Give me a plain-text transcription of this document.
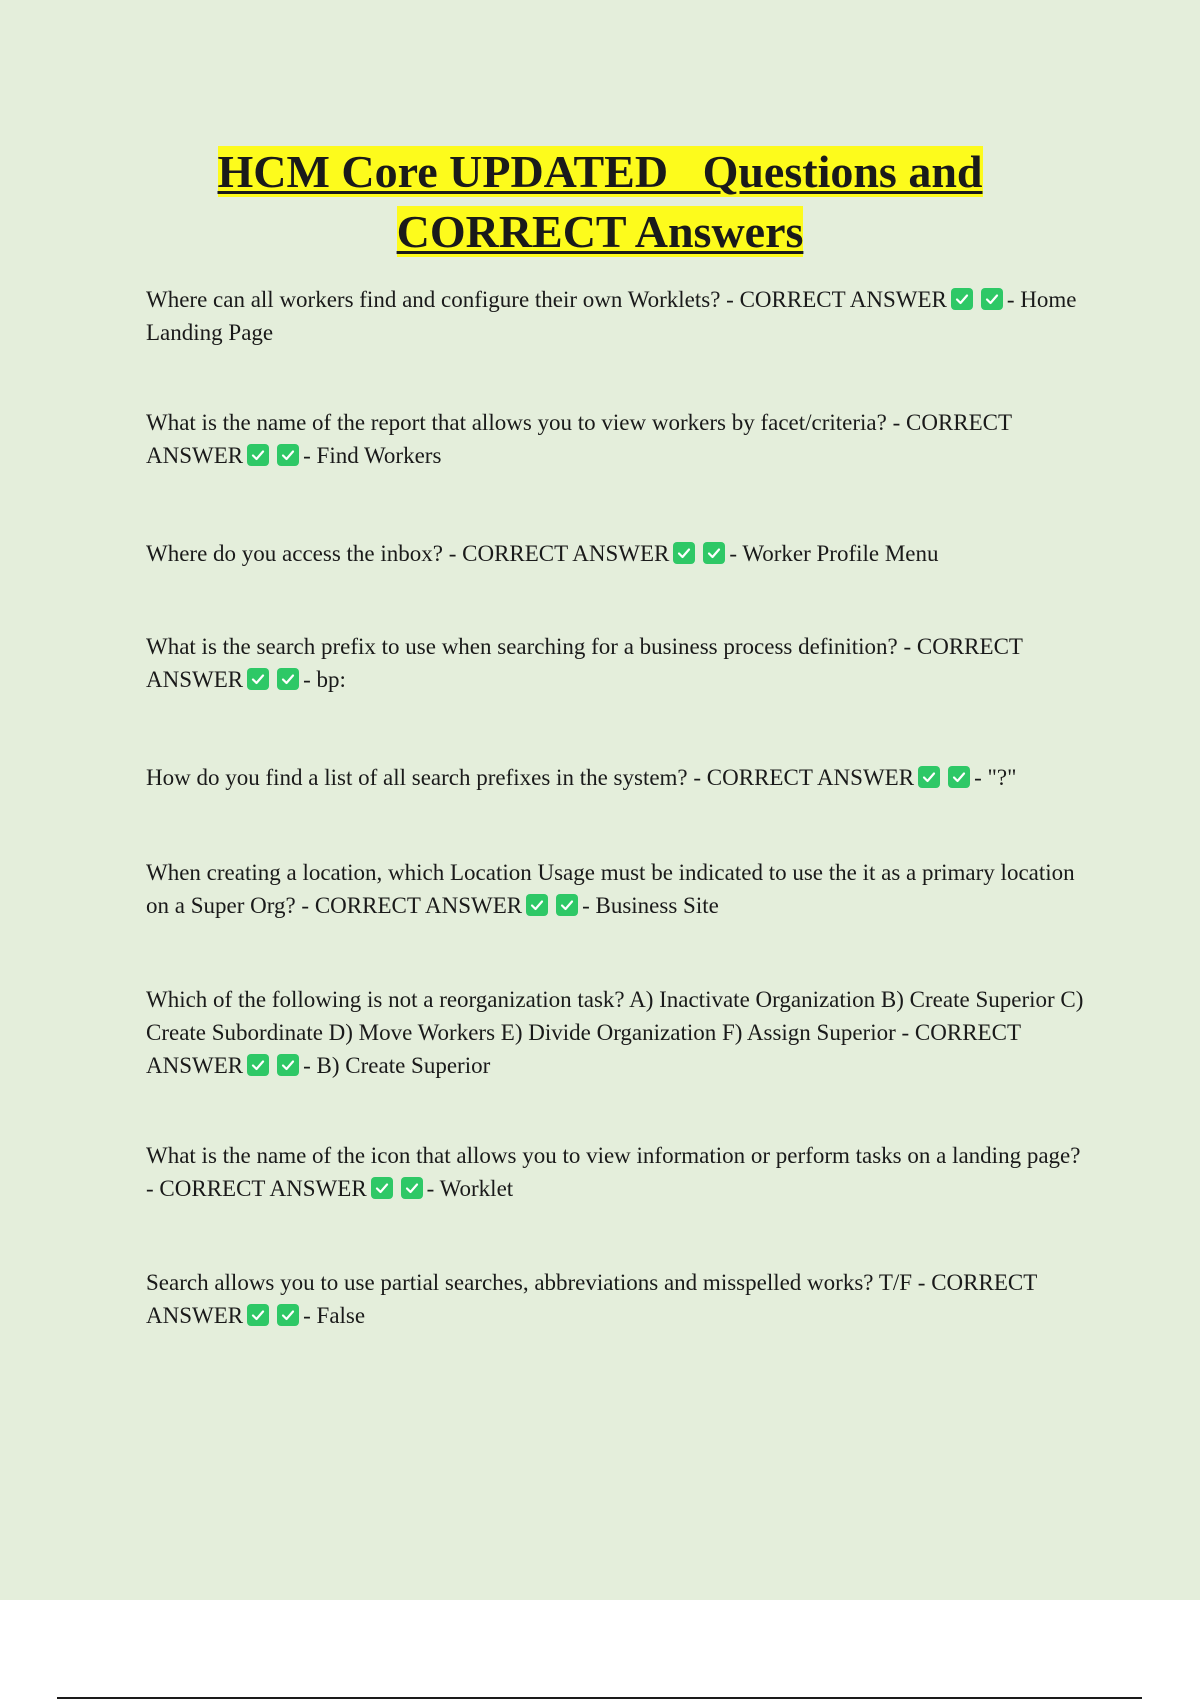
HCM Core UPDATED   Questions and
CORRECT Answers

Where can all workers find and configure their own Worklets? - CORRECT ANSWER	- Home Landing Page

What is the name of the report that allows you to view workers by facet/criteria? - CORRECT ANSWER	- Find Workers

Where do you access the inbox? - CORRECT ANSWER	- Worker Profile Menu

What is the search prefix to use when searching for a business process definition? - CORRECT ANSWER	- bp:

How do you find a list of all search prefixes in the system? - CORRECT ANSWER	- "?"

When creating a location, which Location Usage must be indicated to use the it as a primary location on a Super Org? - CORRECT ANSWER	- Business Site

Which of the following is not a reorganization task? A) Inactivate Organization B) Create Superior C) Create Subordinate D) Move Workers E) Divide Organization F) Assign Superior - CORRECT ANSWER	- B) Create Superior

What is the name of the icon that allows you to view information or perform tasks on a landing page? - CORRECT ANSWER	- Worklet

Search allows you to use partial searches, abbreviations and misspelled works? T/F - CORRECT ANSWER	- False
